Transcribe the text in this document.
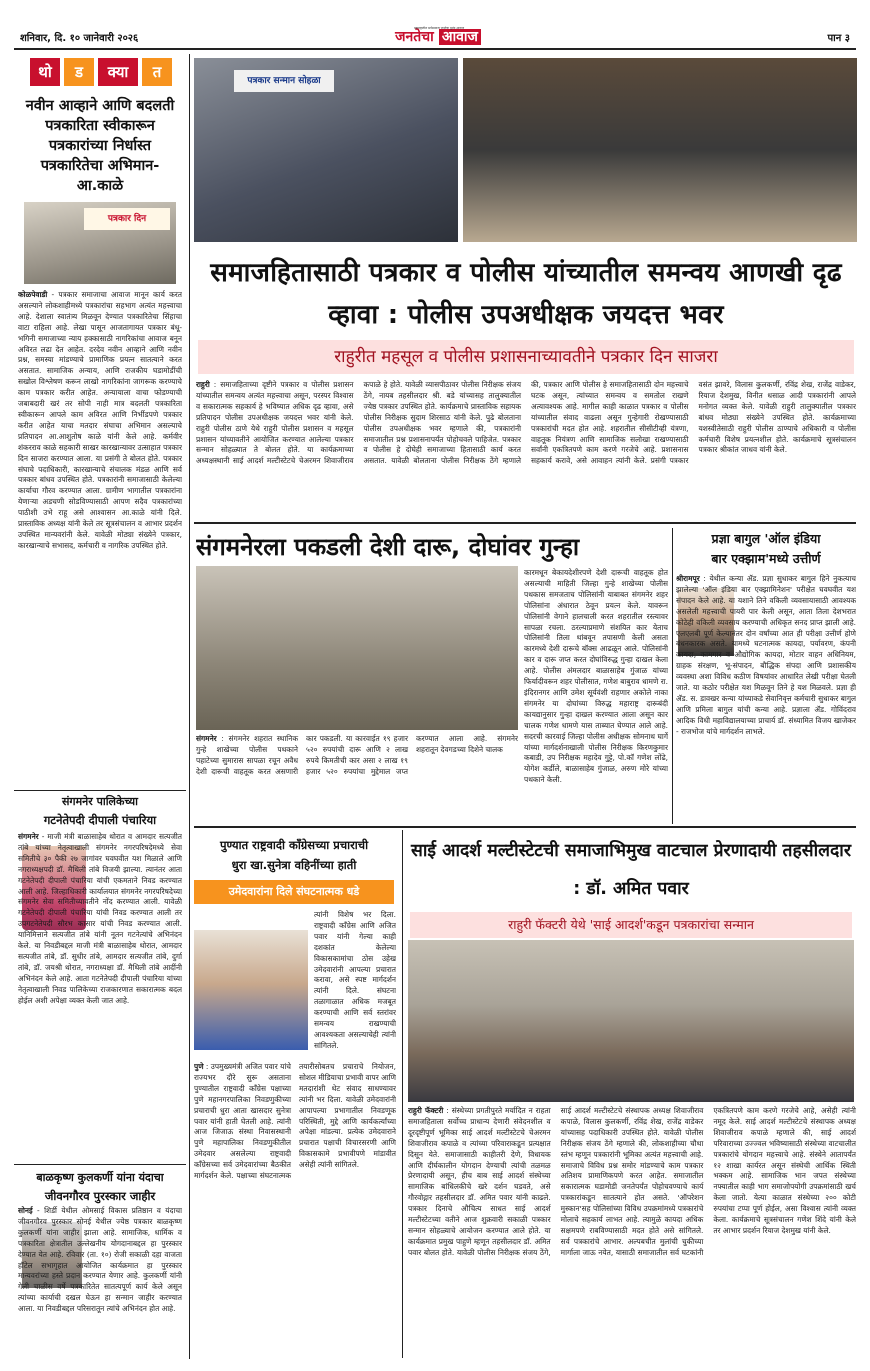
शनिवार, दि. १० जानेवारी २०२६	जनतेचा आवाज
महाराष्ट्रातील सर्वसामान्य जनतेचा बुलंद आवाज
पान ३
थो	ड	क्या	त
नवीन आव्हाने आणि बदलती पत्रकारिता स्वीकारून पत्रकारांच्या निर्धास्त पत्रकारितेचा अभिमान- आ.काळे
पत्रकार दिन
कोळपेवाडी - पत्रकार समाजाचा आवाज मानून कार्य करत असल्याने लोकशाहीमध्ये पत्रकारांचा सहभाग अत्यंत महत्त्वाचा आहे. देशाला स्वातंत्र्य मिळवून देण्यात पत्रकारितेचा सिंहाचा वाटा राहिला आहे. लेखा पासून आजतागायत पत्रकार बंधू-भगिनी समाजाच्या न्याय हक्कासाठी नागरिकांचा आवाज बनून अविरत लढा देत आहेत. दरदेव नवीन आव्हाने आणि नवीन प्रश्न, समस्या मांडण्याचे प्रामाणिक प्रयत्न सातत्याने करत असतात. सामाजिक अन्याय, आणि राजकीय घडामोडींची सखोल विश्लेषण करून लाखो नागरिकांना जागरूक करण्याचे काम पत्रकार करीत आहेत. अन्यायाला वाचा फोडण्याची जबाबदारी खरं तर सोपी नाही मात्र बदलती पत्रकारिता स्वीकारून आपले काम अविरत आणि निर्भीडपणे पत्रकार करीत आहेत याचा मतदार संघाचा अभिमान असल्याचे प्रतिपादन आ.आशुतोष काळे यांनी केले आहे. कर्मवीर शंकरराव काळे सहकारी साखर कारखान्यावर उत्साहात पत्रकार दिन साजरा करण्यात आला. या प्रसंगी ते बोलत होते. पत्रकार संघाचे पदाधिकारी, कारखान्याचे संचालक मंडळ आणि सर्व पत्रकार बांधव उपस्थित होते. पत्रकारांनी समाजासाठी केलेल्या कार्याचा गौरव करण्यात आला. ग्रामीण भागातील पत्रकारांना येणाऱ्या अडचणी सोडविण्यासाठी आपण सदैव पत्रकारांच्या पाठीशी उभे राहू असे आश्वासन आ.काळे यांनी दिले. प्रास्ताविक अध्यक्ष यांनी केले तर सूत्रसंचालन व आभार प्रदर्शन उपस्थित मान्यवरांनी केले. यावेळी मोठ्या संख्येने पत्रकार, कारखान्याचे सभासद, कर्मचारी व नागरिक उपस्थित होते.
संगमनेर पालिकेच्या
गटनेतेपदी दीपाली पंचारिया
संगमनेर - माजी मंत्री बाळासाहेब थोरात व आमदार सत्यजीत तांबे यांच्या नेतृत्वाखाली संगमनेर नगरपरिषदेमध्ये सेवा समितीचे ३० पैकी २७ जागांवर घवघवीत यश मिळाले आणि नगराध्यक्षपदी डॉ. मैथिली तांबे विजयी झाल्या. त्यानंतर आता गटनेतेपदी दीपाली पंचारिया यांची एकमताने निवड करण्यात आली आहे. जिल्हाधिकारी कार्यालयात संगमनेर नगरपरिषदेच्या संगमनेर सेवा समितीच्यावतीने नोंद करण्यात आली. यावेळी गटनेतेपदी दीपाली पंचारिया यांची निवड करण्यात आली तर उपगटनेतेपदी सौरभ कासार यांची निवड करण्यात आली. यानिमित्ताने सत्यजीत तांबे यांनी नूतन गटनेत्यांचे अभिनंदन केले. या निवडीबद्दल माजी मंत्री बाळासाहेब थोरात, आमदार सत्यजीत तांबे, डॉ. सुधीर तांबे, आमदार सत्यजीत तांबे, दुर्गा तांबे, डॉ. जयश्री थोरात, नगराध्यक्षा डॉ. मैथिली तांबे आदींनी अभिनंदन केले आहे. आता गटनेतेपदी दीपाली पंचारिया यांच्या नेतृत्वाखाली निवड पालिकेच्या राजकारणात सकारात्मक बदल होईल अशी अपेक्षा व्यक्त केली जात आहे.
बाळकृष्ण कुलकर्णी यांना यंदाचा
जीवनगौरव पुरस्कार जाहीर
सोनई - शिर्डी येथील ओमसाई विकास प्रतिष्ठान व यंदाचा जीवनगौरव पुरस्कार सोनई येथील ज्येष्ठ पत्रकार बाळकृष्ण कुलकर्णी यांना जाहीर झाला आहे. सामाजिक, धार्मिक व पत्रकारिता क्षेत्रातील उल्लेखनीय योगदानाबद्दल हा पुरस्कार देण्यात येत आहे. रविवार (ता. १०) रोजी सकाळी दहा वाजता हॉटेल सभागृहात आयोजित कार्यक्रमात हा पुरस्कार मान्यवरांच्या हस्ते प्रदान करण्यात येणार आहे. कुलकर्णी यांनी गेली चाळीस वर्षे पत्रकारितेत सातत्यपूर्ण कार्य केले असून त्यांच्या कार्याची दखल घेऊन हा सन्मान जाहीर करण्यात आला. या निवडीबद्दल परिसरातून त्यांचे अभिनंदन होत आहे.
पत्रकार सन्मान सोहळा
समाजहितासाठी पत्रकार व पोलीस यांच्यातील समन्वय आणखी दृढ व्हावा : पोलीस उपअधीक्षक जयदत्त भवर
राहुरीत महसूल व पोलीस प्रशासनाच्यावतीने पत्रकार दिन साजरा
राहुरी : समाजहिताच्या दृष्टीने पत्रकार व पोलीस प्रशासन यांच्यातील समन्वय अत्यंत महत्त्वाचा असून, परस्पर विश्वास व सकारात्मक सहकार्य हे भविष्यात अधिक दृढ व्हावा, असे प्रतिपादन पोलीस उपअधीक्षक जयदत्त भवर यांनी केले. राहुरी पोलीस ठाणे येथे राहुरी पोलीस प्रशासन व महसूल प्रशासन यांच्यावतीने आयोजित करण्यात आलेल्या पत्रकार सन्मान सोहळ्यात ते बोलत होते. या कार्यक्रमाच्या अध्यक्षस्थानी साई आदर्श मल्टीस्टेटचे चेअरमन शिवाजीराव कपाळे हे होते. यावेळी व्यासपीठावर पोलीस निरीक्षक संजय ठेंगे, नायब तहसीलदार श्री. बडे यांच्यासह तालुक्यातील ज्येष्ठ पत्रकार उपस्थित होते. कार्यक्रमाचे प्रास्ताविक सहायक पोलीस निरीक्षक सुदाम शिरसाठ यांनी केले. पुढे बोलताना पोलीस उपअधीक्षक भवर म्हणाले की, पत्रकारांनी समाजातील प्रश्न प्रशासनापर्यंत पोहोचवले पाहिजेत. पत्रकार व पोलीस हे दोघेही समाजाच्या हितासाठी कार्य करत असतात. यावेळी बोलताना पोलीस निरीक्षक ठेंगे म्हणाले की, पत्रकार आणि पोलीस हे समाजहितासाठी दोन महत्त्वाचे घटक असून, त्यांच्यात समन्वय व समतोल राखणे अत्यावश्यक आहे. मागील काही काळात पत्रकार व पोलीस यांच्यातील संवाद वाढला असून गुन्हेगारी रोखण्यासाठी पत्रकारांची मदत होत आहे. शहरातील सीसीटीव्ही यंत्रणा, वाहतूक नियंत्रण आणि सामाजिक सलोखा राखण्यासाठी सर्वांनी एकत्रितपणे काम करणे गरजेचे आहे. प्रशासनास सहकार्य करावे, असे आवाहन त्यांनी केले. प्रसंगी पत्रकार वसंत झावरे, विलास कुलकर्णी, रविंद्र शेख, राजेंद्र वाडेकर, रियाज देशमुख, विनीत धसाळ आदी पत्रकारांनी आपले मनोगत व्यक्त केले. यावेळी राहुरी तालुक्यातील पत्रकार बांधव मोठ्या संख्येने उपस्थित होते. कार्यक्रमाच्या यशस्वीतेसाठी राहुरी पोलीस ठाण्याचे अधिकारी व पोलीस कर्मचारी विशेष प्रयत्नशील होते. कार्यक्रमाचे सूत्रसंचालन पत्रकार श्रीकांत जाधव यांनी केले.
संगमनेरला पकडली देशी दारू, दोघांवर गुन्हा
संगमनेर : संगमनेर शहरात स्थानिक गुन्हे शाखेच्या पोलीस पथकाने पहाटेच्या सुमारास सापळा रचून अवैध देशी दारूची वाहतूक करत असणारी कार पकडली. या कारवाईत १९ हजार ५२० रुपयांची दारू आणि २ लाख रुपये किमतीची कार असा २ लाख १९ हजार ५२० रुपयांचा मुद्देमाल जप्त करण्यात आला आहे. संगमनेर शहरातून देवगडच्या दिशेने चालक
कारमधून बेकायदेशीरपणे देशी दारूची वाहतूक होत असल्याची माहिती जिल्हा गुन्हे शाखेच्या पोलीस पथकास समजताच पोलिसांनी याबाबत संगमनेर शहर पोलिसांना अंधारात ठेवून प्रयत्न केले. यावरून पोलिसांनी वेगाने हालचाली करत शहरातील रस्त्यावर सापळा रचला. ठरल्याप्रमाणे संशयित कार येताच पोलिसांनी तिला थांबवून तपासणी केली असता कारमध्ये देशी दारूचे बॉक्स आढळून आले. पोलिसांनी कार व दारू जप्त करत दोघांविरुद्ध गुन्हा दाखल केला आहे. पोलीस अंमलदार बाळासाहेब गुंजाळ यांच्या फिर्यादीवरून शहर पोलीसात, गणेश बाबुराव धामणे रा. इंदिरानगर आणि उमेश सूर्यवंशी राहणार अकोले नाका संगमनेर या दोघांच्या विरुद्ध महाराष्ट्र दारूबंदी कायद्यानुसार गुन्हा दाखल करण्यात आला असून कार चालक गणेश धामणे यास ताब्यात घेण्यात आले आहे. सदरची कारवाई जिल्हा पोलीस अधीक्षक सोमनाथ घार्गे यांच्या मार्गदर्शनाखाली पोलीस निरीक्षक किरणकुमार कबाडी, उप निरीक्षक महादेव गुट्टे, पो.कॉ गणेश लोंढे, योगेश कर्डीले, बाळासाहेब गुंजाळ, अरुण मोरे यांच्या पथकाने केली.
प्रज्ञा बागुल 'ऑल इंडिया
बार एक्झाम'मध्ये उत्तीर्ण
श्रीरामपूर : येथील कन्या ॲड. प्रज्ञा सुधाकर बागुल हिने नुकत्याच झालेल्या 'ऑल इंडिया बार एक्झामिनेशन' परीक्षेत घवघवीत यश संपादन केले आहे. या यशाने तिने वकिली व्यवसायासाठी आवश्यक असलेली महत्त्वाची पायरी पार केली असून, आता तिला देशभरात कोठेही वकिली व्यवसाय करण्याची अधिकृत सनद प्राप्त झाली आहे. एलएलबी पूर्ण केल्यानंतर दोन वर्षांच्या आत ही परीक्षा उत्तीर्ण होणे बंधनकारक असते. यामध्ये घटनात्मक कायदा, पर्यावरण, कंपनी कायदा, कामगार व औद्योगिक कायदा, मोटार वाहन अधिनियम, ग्राहक संरक्षण, भू-संपादन, बौद्धिक संपदा आणि प्रशासकीय व्यवस्था अशा विविध कठीण विषयांवर आधारित लेखी परीक्षा घेतली जाते. या कठोर परीक्षेत यश मिळवून तिने हे यश मिळवले. प्रज्ञा ही ॲड. स. डावखर कन्या यांच्याकडे सेवानिवृत्त कर्मचारी सुधाकर बागुल आणि प्रमिला बागुल यांची कन्या आहे. प्रज्ञाला ॲड. गोविंदराव आदिक विधी महाविद्यालयाच्या प्राचार्य डॉ. संध्यामित विजय खाजेकर - राजभोज यांचे मार्गदर्शन लाभले.
पुण्यात राष्ट्रवादी काँग्रेसच्या प्रचाराची
धुरा खा.सुनेत्रा वहिनींच्या हाती
उमेदवारांना दिले संघटनात्मक धडे
त्यांनी विशेष भर दिला. राष्ट्रवादी काँग्रेस आणि अजित पवार यांनी गेल्या काही दशकांत केलेल्या विकासकामांचा ठोस उहेख उमेदवारांनी आपल्या प्रचारात करावा, असे स्पष्ट मार्गदर्शन त्यांनी दिले. संघटना तळागाळात अधिक मजबूत करण्याची आणि सर्व स्तरांवर समन्वय राखण्याची आवश्यकता असल्याचेही त्यांनी सांगितले.
पुणे : उपमुख्यमंत्री अजित पवार यांचे राज्यभर दौरे सुरू असताना पुण्यातील राष्ट्रवादी काँग्रेस पक्षाच्या पुणे महानगरपालिका निवडणुकीच्या प्रचाराची धुरा आता खासदार सुनेत्रा पवार यांनी हाती घेतली आहे. त्यांनी आज जिजाऊ संस्था निवासस्थानी पुणे महापालिका निवडणुकीतील उमेदवार असलेल्या राष्ट्रवादी काँग्रेसच्या सर्व उमेदवारांच्या बैठकीत मार्गदर्शन केले. पक्षाच्या संघटनात्मक तयारीसोबतच प्रचाराचे नियोजन, सोशल मीडियाचा प्रभावी वापर आणि मतदारांशी थेट संवाद साधण्यावर त्यांनी भर दिला. यावेळी उमेदवारांनी आपापल्या प्रभागातील निवडणूक परिस्थिती, मुद्दे आणि कार्यकर्त्यांच्या अपेक्षा मांडल्या. प्रत्येक उमेदवाराने प्रचारात पक्षाची विचारसरणी आणि विकासकामे प्रभावीपणे मांडावीत असेही त्यांनी सांगितले.
साई आदर्श मल्टीस्टेटची समाजाभिमुख वाटचाल प्रेरणादायी तहसीलदार : डॉ. अमित पवार
राहुरी फॅक्टरी येथे 'साई आदर्श'कडून पत्रकारांचा सन्मान
राहुरी फॅक्टरी : संस्थेच्या प्रगतीपुरते मर्यादित न राहता समाजहिताला सर्वोच्च प्राधान्य देणारी संवेदनशील व दूरदृष्टीपूर्ण भूमिका साई आदर्श मल्टीस्टेटचे चेअरमन शिवाजीराव कपाळे व त्यांच्या परिवाराकडून प्रत्यक्षात दिसून येते. समाजासाठी काहीतरी देणे, विधायक आणि दीर्घकालीन योगदान देण्याची त्यांची तळमळ प्रेरणादायी असून, हीच बाब साई आदर्श संस्थेच्या सामाजिक बांधिलकीचे खरे दर्शन घडवते, असे गौरवोद्गार तहसीलदार डॉ. अमित पवार यांनी काढले. पत्रकार दिनाचे औचित्य साधत साई आदर्श मल्टीस्टेटच्या वतीने आज शुक्रवारी सकाळी पत्रकार सन्मान सोहळ्याचे आयोजन करण्यात आले होते. या कार्यक्रमात प्रमुख पाहुणे म्हणून तहसीलदार डॉ. अमित पवार बोलत होते. यावेळी पोलीस निरीक्षक संजय ठेंगे, साई आदर्श मल्टीस्टेटचे संस्थापक अध्यक्ष शिवाजीराव कपाळे, विलास कुलकर्णी, रविंद्र शेख, राजेंद्र वाडेकर यांच्यासह पदाधिकारी उपस्थित होते. यावेळी पोलीस निरीक्षक संजय ठेंगे म्हणाले की, लोकशाहीच्या चौथा स्तंभ म्हणून पत्रकारांनी भूमिका अत्यंत महत्त्वाची आहे. समाजाचे विविध प्रश्न समोर मांडण्याचे काम पत्रकार अतिशय प्रामाणिकपणे करत आहेत. समाजातील सकारात्मक घडामोडी जनतेपर्यंत पोहोचवण्याचे कार्य पत्रकारांकडून सातत्याने होत असते. 'ऑपरेशन मुस्कान'सह पोलिसांच्या विविध उपक्रमांमध्ये पत्रकारांचे मोलाचे सहकार्य लाभत आहे. त्यामुळे कायदा अधिक सक्षमपणे राबविण्यासाठी मदत होते असे सांगितले. सर्व पत्रकारांचे आभार. अल्पबचीत मुलांची चुकीच्या मार्गाला जाऊ नयेत, यासाठी समाजातील सर्व घटकांनी एकत्रितपणे काम करणे गरजेचे आहे, असेही त्यांनी नमूद केले. साई आदर्श मल्टीस्टेटचे संस्थापक अध्यक्ष शिवाजीराव कपाळे म्हणाले की, साई आदर्श परिवाराच्या उज्ज्वल भविष्यासाठी संस्थेच्या वाटचालीत पत्रकारांचे योगदान महत्त्वाचे आहे. संस्थेने आतापर्यंत १२ शाखा कार्यरत असून संस्थेची आर्थिक स्थिती भक्कम आहे. सामाजिक भान जपत संस्थेच्या नफ्यातील काही भाग समाजोपयोगी उपक्रमांसाठी खर्च केला जातो. येत्या काळात संस्थेच्या २०० कोटी रुपयांचा टप्पा पूर्ण होईल, असा विश्वास त्यांनी व्यक्त केला. कार्यक्रमाचे सूत्रसंचालन गणेश शिंदे यांनी केले तर आभार प्रदर्शन रियाज देशमुख यांनी केले.
